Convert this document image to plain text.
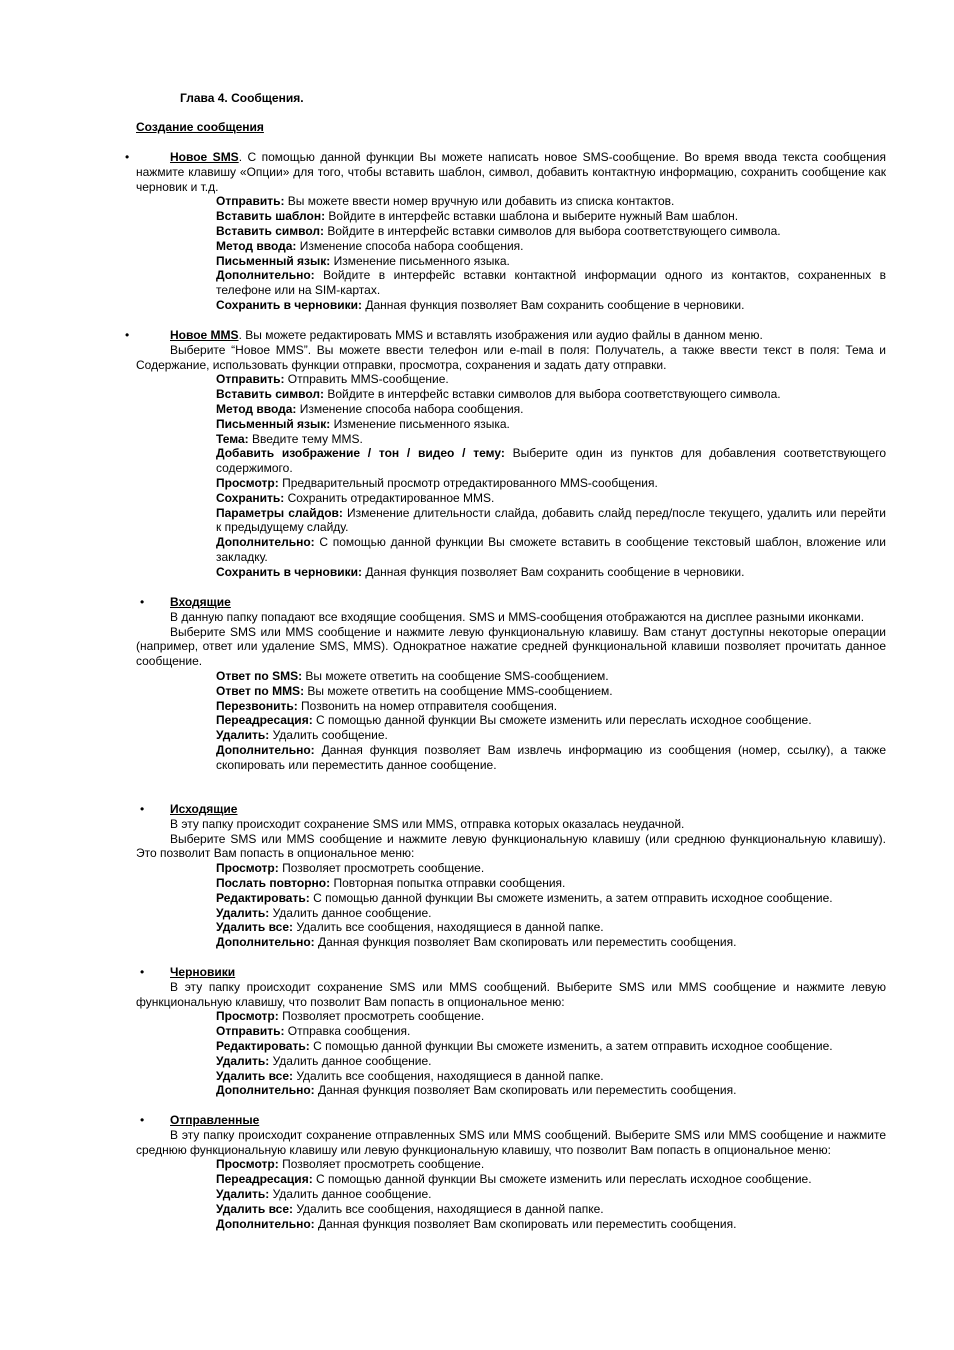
Глава 4. Сообщения.
Создание сообщения
•	Новое SMS. С помощью данной функции Вы можете написать новое SMS-сообщение. Во время ввода текста сообщения нажмите клавишу «Опции» для того, чтобы вставить шаблон, символ, добавить контактную информацию, сохранить сообщение как черновик и т.д.
Отправить: Вы можете ввести номер вручную или добавить из списка контактов.
Вставить шаблон: Войдите в интерфейс вставки шаблона и выберите нужный Вам шаблон.
Вставить символ: Войдите в интерфейс вставки символов для выбора соответствующего символа.
Метод ввода: Изменение способа набора сообщения.
Письменный язык: Изменение письменного языка.
Дополнительно: Войдите в интерфейс вставки контактной информации одного из контактов, сохраненных в телефоне или на SIM-картах.
Сохранить в черновики: Данная функция позволяет Вам сохранить сообщение в черновики.
•	Новое MMS. Вы можете редактировать MMS и вставлять изображения или аудио файлы в данном меню.
Выберите “Новое MMS”. Вы можете ввести телефон или e-mail в поля: Получатель, а также ввести текст в поля: Тема и Содержание, использовать функции отправки, просмотра, сохранения и задать дату отправки.
Отправить: Отправить MMS-сообщение.
Вставить символ: Войдите в интерфейс вставки символов для выбора соответствующего символа.
Метод ввода: Изменение способа набора сообщения.
Письменный язык: Изменение письменного языка.
Тема: Введите тему MMS.
Добавить изображение / тон / видео / тему: Выберите один из пунктов для добавления соответствующего содержимого.
Просмотр: Предварительный просмотр отредактированного MMS-сообщения.
Сохранить: Сохранить отредактированное MMS.
Параметры слайдов: Изменение длительности слайда, добавить слайд перед/после текущего, удалить или перейти к предыдущему слайду.
Дополнительно: С помощью данной функции Вы сможете вставить в сообщение текстовый шаблон, вложение или закладку.
Сохранить в черновики: Данная функция позволяет Вам сохранить сообщение в черновики.
•	Входящие
В данную папку попадают все входящие сообщения. SMS и MMS-сообщения отображаются на дисплее разными иконками.
Выберите SMS или MMS сообщение и нажмите левую функциональную клавишу. Вам станут доступны некоторые операции (например, ответ или удаление SMS, MMS). Однократное нажатие средней функциональной клавиши позволяет прочитать данное сообщение.
Ответ по SMS: Вы можете ответить на сообщение SMS-сообщением.
Ответ по MMS: Вы можете ответить на сообщение MMS-сообщением.
Перезвонить: Позвонить на номер отправителя сообщения.
Переадресация: С помощью данной функции Вы сможете изменить или переслать исходное сообщение.
Удалить: Удалить сообщение.
Дополнительно: Данная функция позволяет Вам извлечь информацию из сообщения (номер, ссылку), а также скопировать или переместить данное сообщение.
•	Исходящие
В эту папку происходит сохранение SMS или MMS, отправка которых оказалась неудачной.
Выберите SMS или MMS сообщение и нажмите левую функциональную клавишу (или среднюю функциональную клавишу). Это позволит Вам попасть в опциональное меню:
Просмотр: Позволяет просмотреть сообщение.
Послать повторно: Повторная попытка отправки сообщения.
Редактировать: С помощью данной функции Вы сможете изменить, а затем отправить исходное сообщение.
Удалить: Удалить данное сообщение.
Удалить все: Удалить все сообщения, находящиеся в данной папке.
Дополнительно: Данная функция позволяет Вам скопировать или переместить сообщения.
•	Черновики
В эту папку происходит сохранение SMS или MMS сообщений. Выберите SMS или MMS сообщение и нажмите левую функциональную клавишу, что позволит Вам попасть в опциональное меню:
Просмотр: Позволяет просмотреть сообщение.
Отправить: Отправка сообщения.
Редактировать: С помощью данной функции Вы сможете изменить, а затем отправить исходное сообщение.
Удалить: Удалить данное сообщение.
Удалить все: Удалить все сообщения, находящиеся в данной папке.
Дополнительно: Данная функция позволяет Вам скопировать или переместить сообщения.
•	Отправленные
В эту папку происходит сохранение отправленных SMS или MMS сообщений. Выберите SMS или MMS сообщение и нажмите среднюю функциональную клавишу или левую функциональную клавишу, что позволит Вам попасть в опциональное меню:
Просмотр: Позволяет просмотреть сообщение.
Переадресация: С помощью данной функции Вы сможете изменить или переслать исходное сообщение.
Удалить: Удалить данное сообщение.
Удалить все: Удалить все сообщения, находящиеся в данной папке.
Дополнительно: Данная функция позволяет Вам скопировать или переместить сообщения.
